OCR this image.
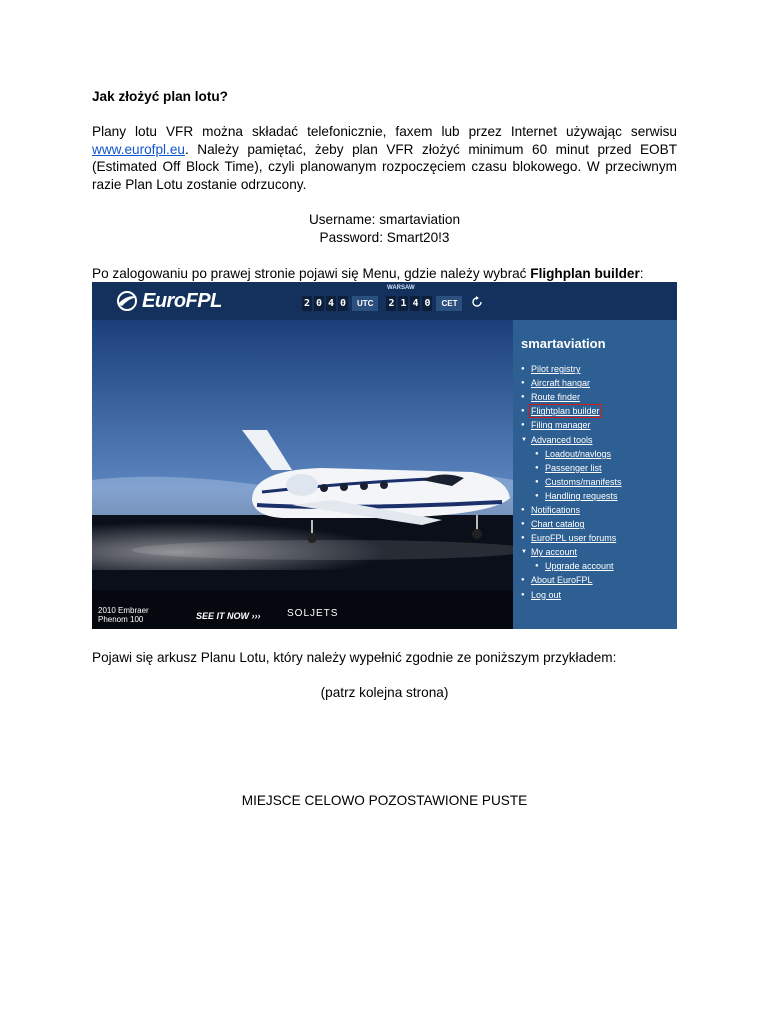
Jak złożyć plan lotu?
Plany lotu VFR można składać telefonicznie, faxem lub przez Internet używając serwisu www.eurofpl.eu. Należy pamiętać, żeby plan VFR złożyć minimum 60 minut przed EOBT (Estimated Off Block Time), czyli planowanym rozpoczęciem czasu blokowego. W przeciwnym razie Plan Lotu zostanie odrzucony.
Username: smartaviation
Password: Smart20!3
Po zalogowaniu po prawej stronie pojawi się Menu, gdzie należy wybrać Flighplan builder:
EuroFPL
WARSAW
2 0 4 0	UTC	2 1 4 0	CET
2010 Embraer
Phenom 100	SEE IT NOW ›››	SOLJETS
smartaviation
● Pilot registry
● Aircraft hangar
● Route finder
● Flightplan builder
● Filing manager
▼ Advanced tools
● Loadout/navlogs
● Passenger list
● Customs/manifests
● Handling requests
● Notifications
● Chart catalog
● EuroFPL user forums
▼ My account
● Upgrade account
● About EuroFPL
● Log out
Pojawi się arkusz Planu Lotu, który należy wypełnić zgodnie ze poniższym przykładem:
(patrz kolejna strona)
MIEJSCE CELOWO POZOSTAWIONE PUSTE
